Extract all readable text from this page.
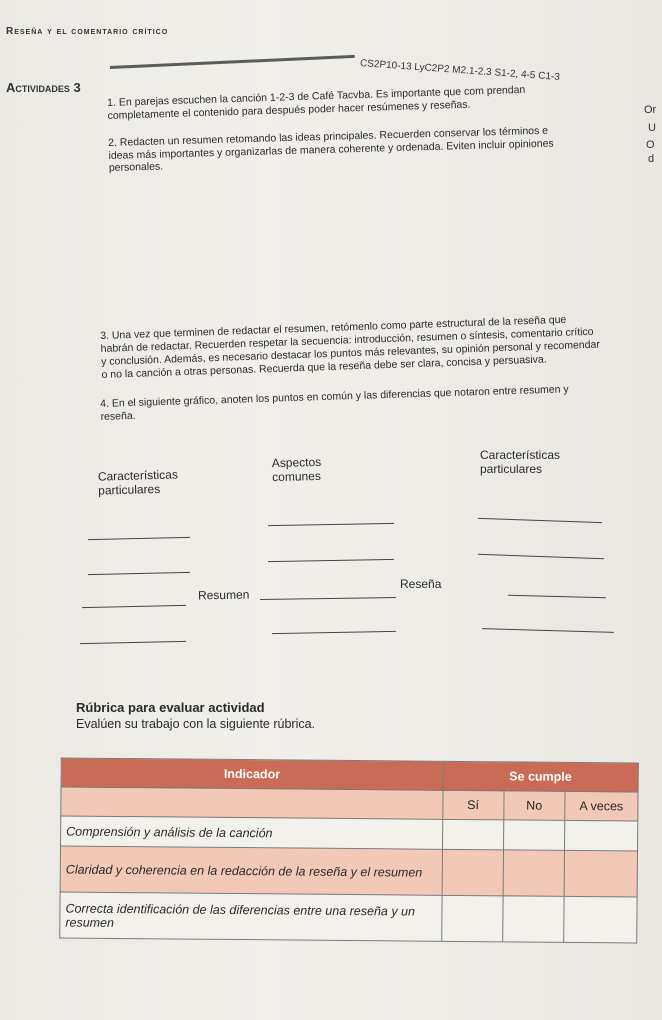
Reseña y el comentario crítico
CS2P10-13 LyC2P2 M2.1-2.3 S1-2, 4-5 C1-3
Actividades 3	1. En parejas escuchen la canción 1-2-3 de Café Tacvba. Es importante que com prendan completamente el contenido para después poder hacer resúmenes y reseñas.
2. Redacten un resumen retomando las ideas principales. Recuerden conservar los términos e ideas más importantes y organizarlas de manera coherente y ordenada. Eviten incluir opiniones personales.
3. Una vez que terminen de redactar el resumen, retómenlo como parte estructural de la reseña que habrán de redactar. Recuerden respetar la secuencia: introducción, resumen o síntesis, comentario crítico y conclusión. Además, es necesario destacar los puntos más relevantes, su opinión personal y recomendar o no la canción a otras personas. Recuerda que la reseña debe ser clara, concisa y persuasiva.
4. En el siguiente gráfico, anoten los puntos en común y las diferencias que notaron entre resumen y reseña.
Or
U
O
d
Características particulares
Aspectos comunes
Características particulares
Resumen
Reseña
Rúbrica para evaluar actividad
Evalúen su trabajo con la siguiente rúbrica.
Indicador	Se cumple		
	Sí	No	A veces
Comprensión y análisis de la canción			
Claridad y coherencia en la redacción de la reseña y el resumen			
Correcta identificación de las diferencias entre una reseña y un resumen			
